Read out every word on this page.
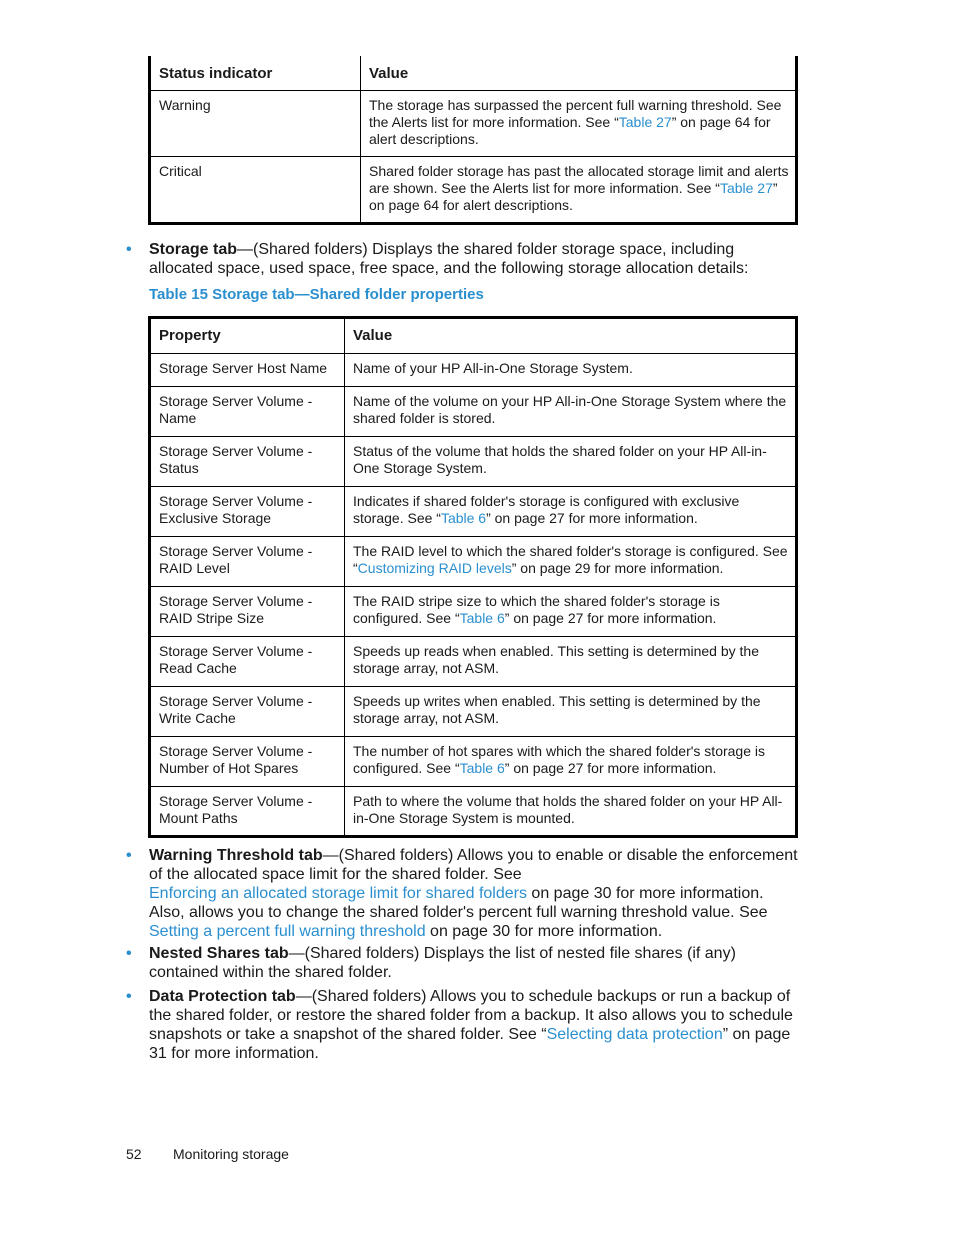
Status indicator	Value
Warning	The storage has surpassed the percent full warning threshold. See the Alerts list for more information. See “Table 27” on page 64 for alert descriptions.
Critical	Shared folder storage has past the allocated storage limit and alerts are shown. See the Alerts list for more information. See “Table 27” on page 64 for alert descriptions.
• Storage tab—(Shared folders) Displays the shared folder storage space, including allocated space, used space, free space, and the following storage allocation details:
Table 15 Storage tab—Shared folder properties
Property	Value
Storage Server Host Name	Name of your HP All-in-One Storage System.
Storage Server Volume - Name	Name of the volume on your HP All-in-One Storage System where the shared folder is stored.
Storage Server Volume - Status	Status of the volume that holds the shared folder on your HP All-in-One Storage System.
Storage Server Volume - Exclusive Storage	Indicates if shared folder's storage is configured with exclusive storage. See “Table 6” on page 27 for more information.
Storage Server Volume - RAID Level	The RAID level to which the shared folder's storage is configured. See “Customizing RAID levels” on page 29 for more information.
Storage Server Volume - RAID Stripe Size	The RAID stripe size to which the shared folder's storage is configured. See “Table 6” on page 27 for more information.
Storage Server Volume - Read Cache	Speeds up reads when enabled. This setting is determined by the storage array, not ASM.
Storage Server Volume - Write Cache	Speeds up writes when enabled. This setting is determined by the storage array, not ASM.
Storage Server Volume - Number of Hot Spares	The number of hot spares with which the shared folder's storage is configured. See “Table 6” on page 27 for more information.
Storage Server Volume - Mount Paths	Path to where the volume that holds the shared folder on your HP All-in-One Storage System is mounted.
• Warning Threshold tab—(Shared folders) Allows you to enable or disable the enforcement of the allocated space limit for the shared folder. See
Enforcing an allocated storage limit for shared folders on page 30 for more information. Also, allows you to change the shared folder's percent full warning threshold value. See
Setting a percent full warning threshold on page 30 for more information.
• Nested Shares tab—(Shared folders) Displays the list of nested file shares (if any) contained within the shared folder.
• Data Protection tab—(Shared folders) Allows you to schedule backups or run a backup of the shared folder, or restore the shared folder from a backup. It also allows you to schedule snapshots or take a snapshot of the shared folder. See “Selecting data protection” on page 31 for more information.
52 Monitoring storage
